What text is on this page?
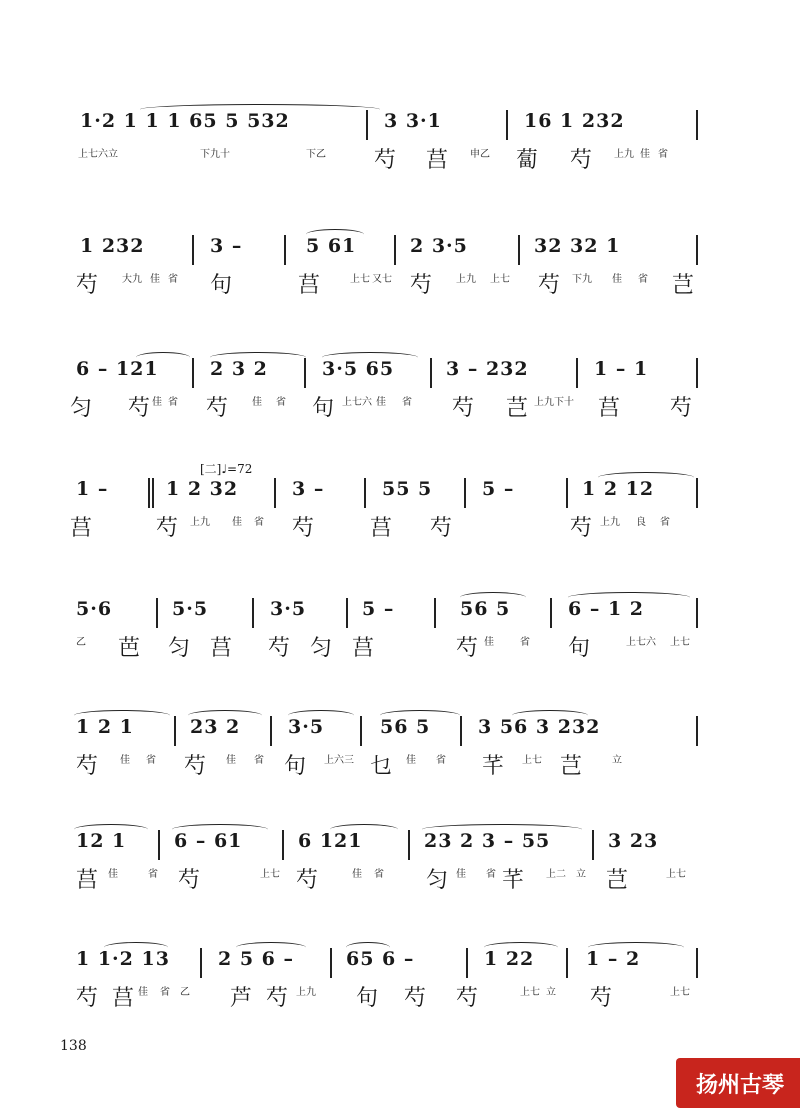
1·2 1 1 1 65 5 532	3 3·1	16 1 232
上七六立	下九十	下乙 芍 莒 申乙 蔔 芍 上九 佳 省
1 232	3 –	5 61	2 3·5	32 32 1
芍 大九 佳 省 句	莒	上七 又七 芍 上九 上七 芍 下九 佳 省 芑
6 – 121	2 3 2	3·5 65	3 – 232	1 – 1
匀 芍 佳 省 芍 佳 省 句 上七六 佳 省 芍 芑 上九下十 莒 芍
[二]♩=72
1 –	1 2 32	3 –	55 5	5 –	1 2 12
莒	芍 上九 佳 省 芍	莒 芍	芍 上九 良 省
5·6	5·5	3·5	5 –	56 5	6 – 1 2
乙 芭 匀 莒 芍 匀 莒	芍 佳	省 句	上七六 上七
1 2 1	23 2	3·5	56 5	3 56 3 232
芍 佳 省 芍 佳 省 句 上六三 乜 佳 省 芊 上七 芑	立
12 1	6 – 61	6 121	23 2 3 – 55	3 23
莒 佳	省 芍	上七 芍	佳 省 匀 佳 省 芊 上二 立 芑	上七
1 1·2 13	2 5 6 –	65 6 –	1 22	1 – 2
芍 莒 佳 省 乙 芦 芍 上九 句 芍 芍	上七 立 芍	上七
138
扬州古琴
